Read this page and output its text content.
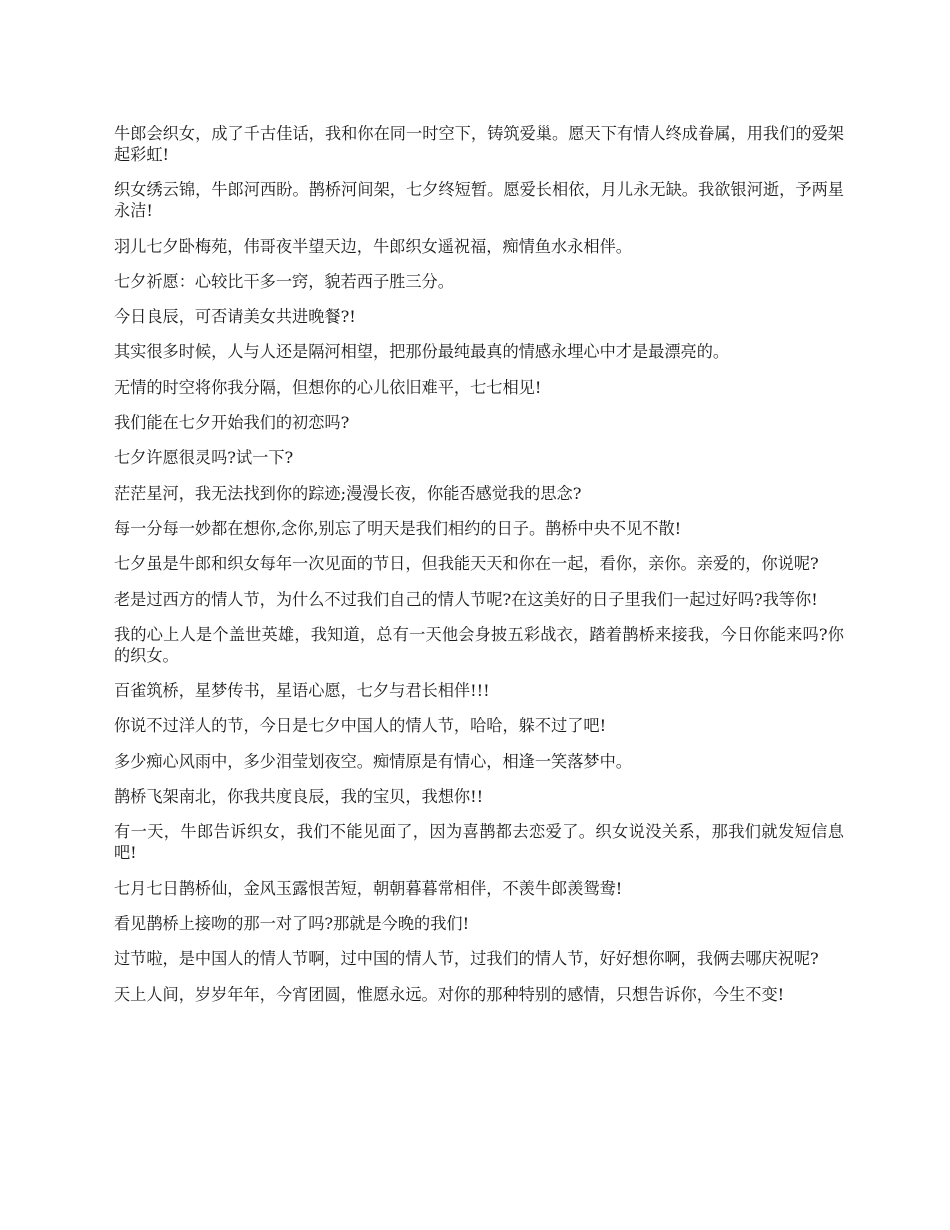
牛郎会织女，成了千古佳话，我和你在同一时空下，铸筑爱巢。愿天下有情人终成眷属，用我们的爱架起彩虹!

织女绣云锦，牛郎河西盼。鹊桥河间架，七夕终短暂。愿爱长相依，月儿永无缺。我欲银河逝，予两星永洁!

羽儿七夕卧梅苑，伟哥夜半望天边，牛郎织女遥祝福，痴情鱼水永相伴。

七夕祈愿：心较比干多一窍，貌若西子胜三分。

今日良辰，可否请美女共进晚餐?!

其实很多时候，人与人还是隔河相望，把那份最纯最真的情感永埋心中才是最漂亮的。

无情的时空将你我分隔，但想你的心儿依旧难平，七七相见!

我们能在七夕开始我们的初恋吗?

七夕许愿很灵吗?试一下?

茫茫星河，我无法找到你的踪迹;漫漫长夜，你能否感觉我的思念?

每一分每一妙都在想你,念你,别忘了明天是我们相约的日子。鹊桥中央不见不散!

七夕虽是牛郎和织女每年一次见面的节日，但我能天天和你在一起，看你，亲你。亲爱的，你说呢?

老是过西方的情人节，为什么不过我们自己的情人节呢?在这美好的日子里我们一起过好吗?我等你!

我的心上人是个盖世英雄，我知道，总有一天他会身披五彩战衣，踏着鹊桥来接我，今日你能来吗?你的织女。

百雀筑桥，星梦传书，星语心愿，七夕与君长相伴!!!

你说不过洋人的节，今日是七夕中国人的情人节，哈哈，躲不过了吧!

多少痴心风雨中，多少泪莹划夜空。痴情原是有情心，相逢一笑落梦中。

鹊桥飞架南北，你我共度良辰，我的宝贝，我想你!!

有一天，牛郎告诉织女，我们不能见面了，因为喜鹊都去恋爱了。织女说没关系，那我们就发短信息吧!

七月七日鹊桥仙，金风玉露恨苦短，朝朝暮暮常相伴，不羡牛郎羡鸳鸯!

看见鹊桥上接吻的那一对了吗?那就是今晚的我们!

过节啦，是中国人的情人节啊，过中国的情人节，过我们的情人节，好好想你啊，我俩去哪庆祝呢?

天上人间，岁岁年年，今宵团圆，惟愿永远。对你的那种特别的感情，只想告诉你，今生不变!
